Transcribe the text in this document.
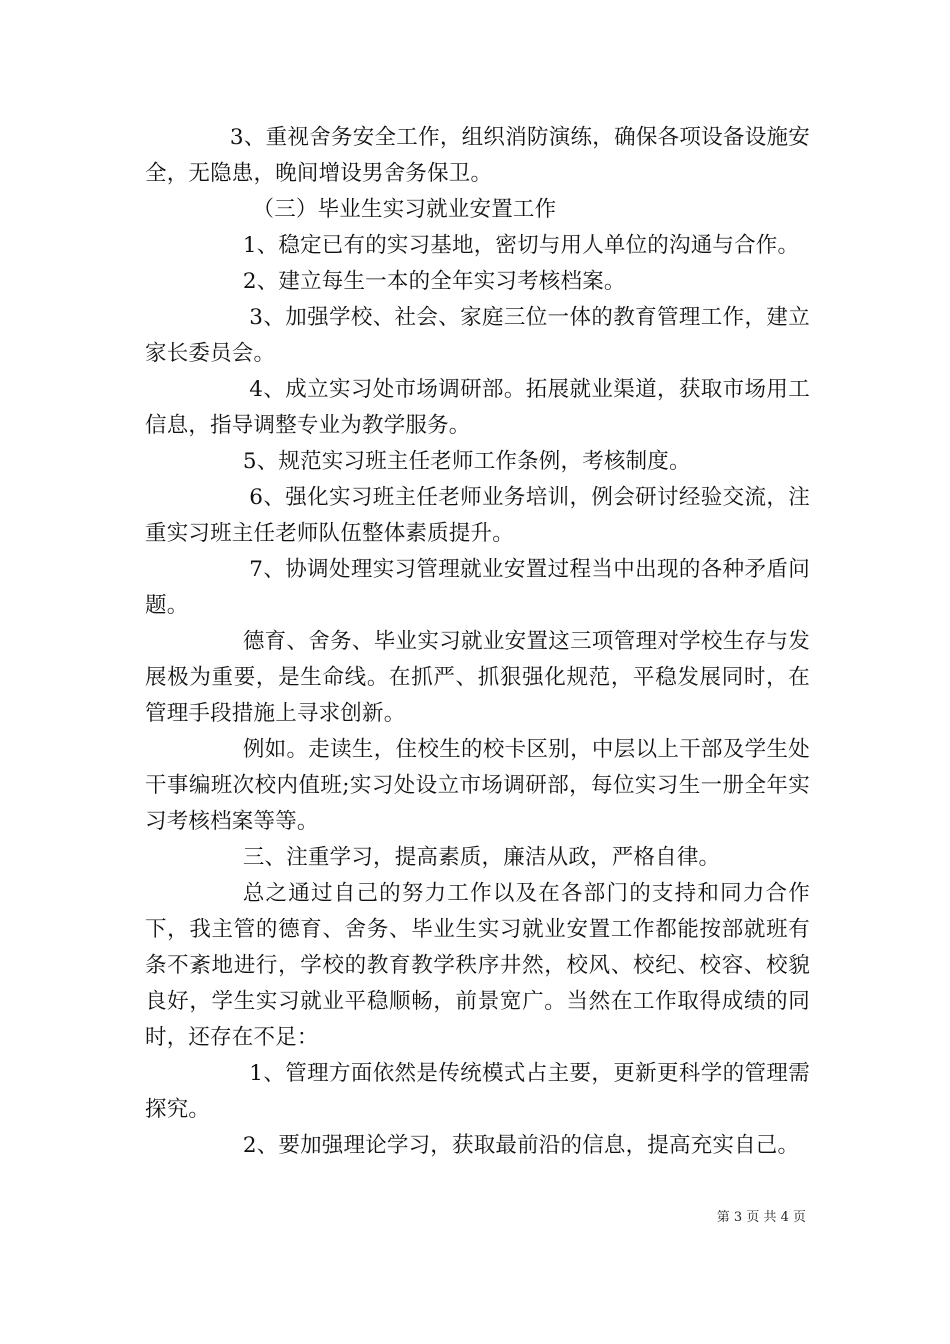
3、重视舍务安全工作，组织消防演练，确保各项设备设施安全，无隐患，晚间增设男舍务保卫。

（三）毕业生实习就业安置工作

1、稳定已有的实习基地，密切与用人单位的沟通与合作。

2、建立每生一本的全年实习考核档案。

3、加强学校、社会、家庭三位一体的教育管理工作，建立家长委员会。

4、成立实习处市场调研部。拓展就业渠道，获取市场用工信息，指导调整专业为教学服务。

5、规范实习班主任老师工作条例，考核制度。

6、强化实习班主任老师业务培训，例会研讨经验交流，注重实习班主任老师队伍整体素质提升。

7、协调处理实习管理就业安置过程当中出现的各种矛盾问题。

德育、舍务、毕业实习就业安置这三项管理对学校生存与发展极为重要，是生命线。在抓严、抓狠强化规范，平稳发展同时，在管理手段措施上寻求创新。

例如。走读生，住校生的校卡区别，中层以上干部及学生处干事编班次校内值班;实习处设立市场调研部，每位实习生一册全年实习考核档案等等。

三、注重学习，提高素质，廉洁从政，严格自律。

总之通过自己的努力工作以及在各部门的支持和同力合作下，我主管的德育、舍务、毕业生实习就业安置工作都能按部就班有条不紊地进行，学校的教育教学秩序井然，校风、校纪、校容、校貌良好，学生实习就业平稳顺畅，前景宽广。当然在工作取得成绩的同时，还存在不足：

1、管理方面依然是传统模式占主要，更新更科学的管理需探究。

2、要加强理论学习，获取最前沿的信息，提高充实自己。

第 3 页 共 4 页
